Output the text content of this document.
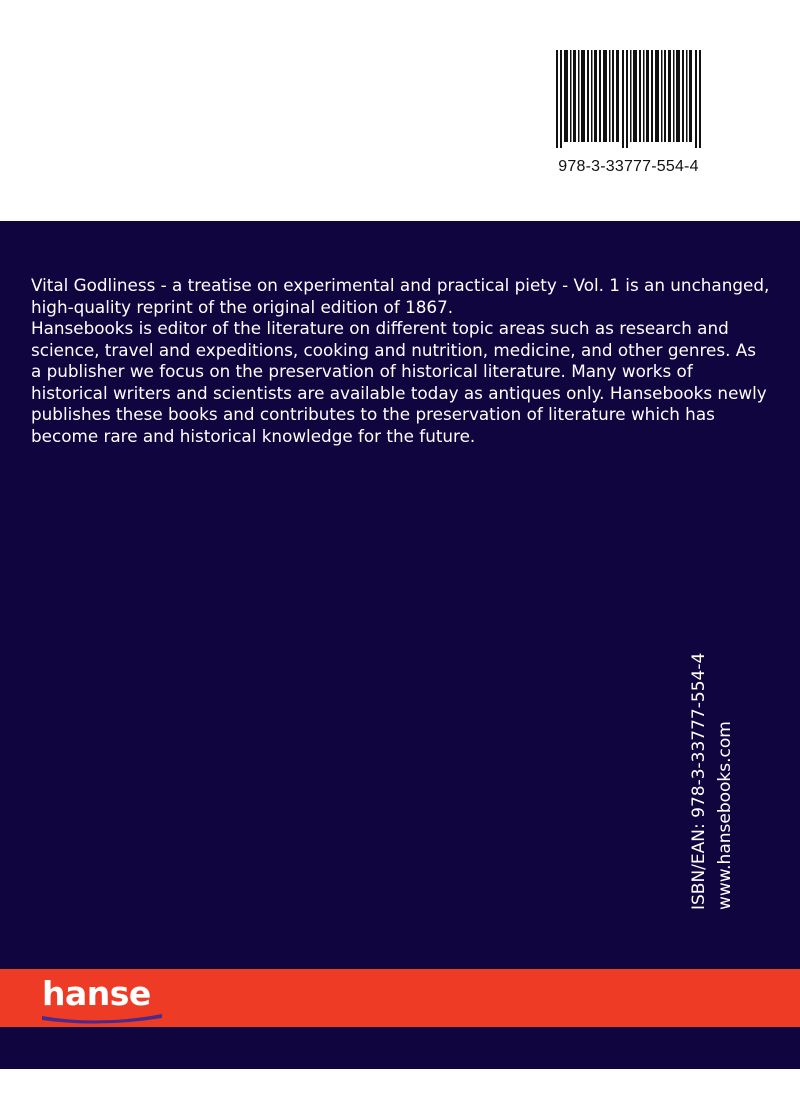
978-3-33777-554-4

Vital Godliness - a treatise on experimental and practical piety - Vol. 1 is an unchanged, high-quality reprint of the original edition of 1867.

Hansebooks is editor of the literature on different topic areas such as research and science, travel and expeditions, cooking and nutrition, medicine, and other genres. As a publisher we focus on the preservation of historical literature. Many works of historical writers and scientists are available today as antiques only. Hansebooks newly publishes these books and contributes to the preservation of literature which has become rare and historical knowledge for the future.

ISBN/EAN: 978-3-33777-554-4 www.hansebooks.com
hanse
